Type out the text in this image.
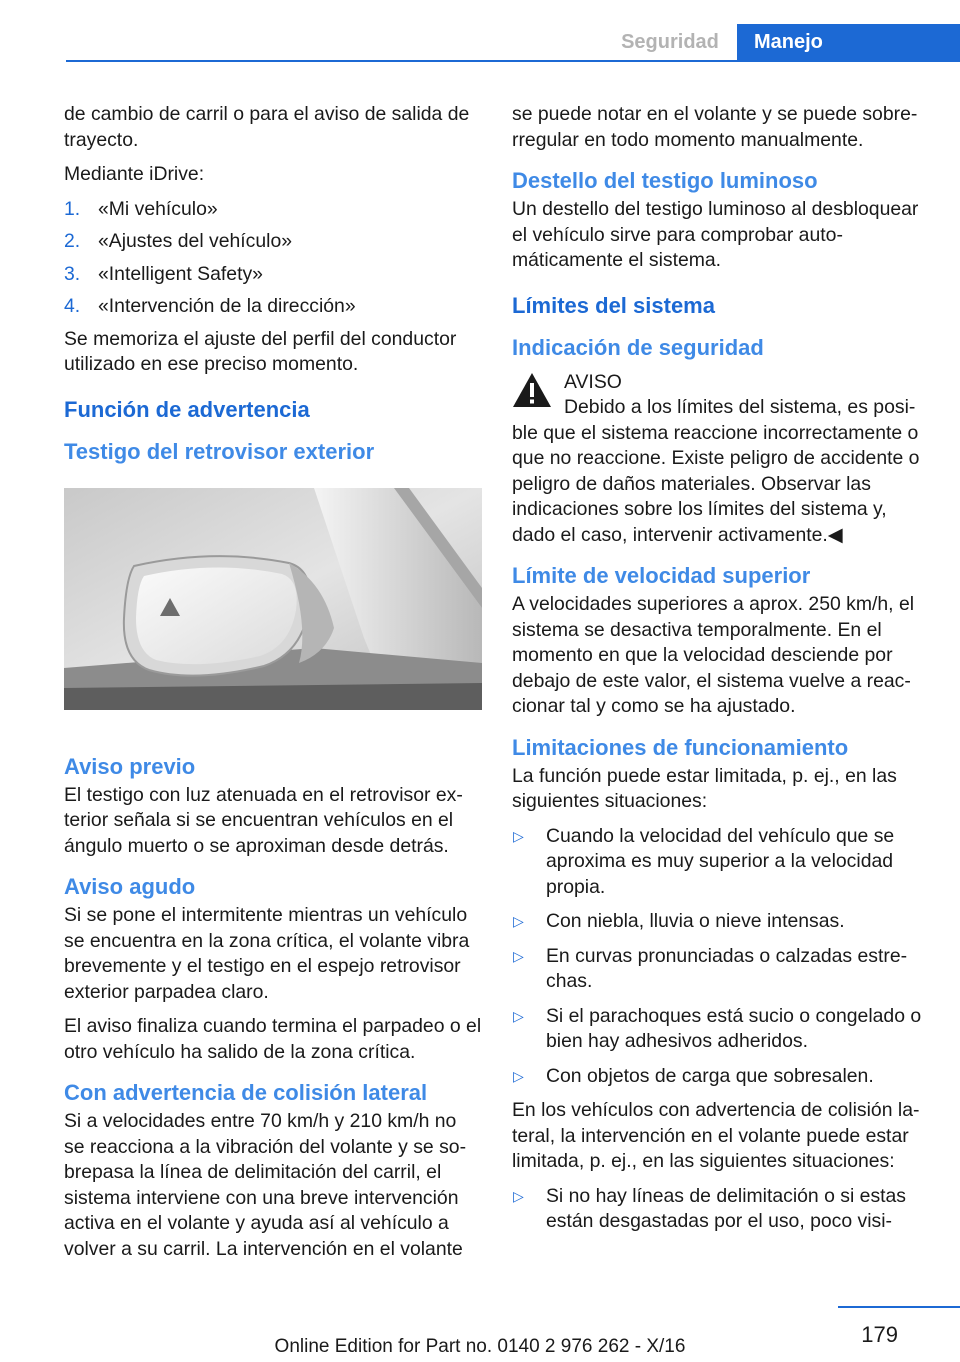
Seguridad	Manejo

de cambio de carril o para el aviso de salida de trayecto.

Mediante iDrive:

1. «Mi vehículo»
2. «Ajustes del vehículo»
3. «Intelligent Safety»
4. «Intervención de la dirección»

Se memoriza el ajuste del perfil del conductor utilizado en ese preciso momento.

Función de advertencia
Testigo del retrovisor exterior
Aviso previo

El testigo con luz atenuada en el retrovisor exterior señala si se encuentran vehículos en el ángulo muerto o se aproximan desde detrás.

Aviso agudo

Si se pone el intermitente mientras un vehículo se encuentra en la zona crítica, el volante vibra brevemente y el testigo en el espejo retrovisor exterior parpadea claro.

El aviso finaliza cuando termina el parpadeo o el otro vehículo ha salido de la zona crítica.

Con advertencia de colisión lateral

Si a velocidades entre 70 km/h y 210 km/h no se reacciona a la vibración del volante y se sobrepasa la línea de delimitación del carril, el sistema interviene con una breve intervención activa en el volante y ayuda así al vehículo a volver a su carril. La intervención en el volante

se puede notar en el volante y se puede sobrerregular en todo momento manualmente.

Destello del testigo luminoso

Un destello del testigo luminoso al desbloquear el vehículo sirve para comprobar automáticamente el sistema.

Límites del sistema
Indicación de seguridad

AVISO

Debido a los límites del sistema, es posi-

ble que el sistema reaccione incorrectamente o que no reaccione. Existe peligro de accidente o peligro de daños materiales. Observar las indicaciones sobre los límites del sistema y, dado el caso, intervenir activamente.◀

Límite de velocidad superior

A velocidades superiores a aprox. 250 km/h, el sistema se desactiva temporalmente. En el momento en que la velocidad desciende por debajo de este valor, el sistema vuelve a reaccionar tal y como se ha ajustado.

Limitaciones de funcionamiento

La función puede estar limitada, p. ej., en las siguientes situaciones:

▷	Cuando la velocidad del vehículo que se aproxima es muy superior a la velocidad propia.
▷	Con niebla, lluvia o nieve intensas.
▷	En curvas pronunciadas o calzadas estrechas.
▷	Si el parachoques está sucio o congelado o bien hay adhesivos adheridos.
▷	Con objetos de carga que sobresalen.

En los vehículos con advertencia de colisión lateral, la intervención en el volante puede estar limitada, p. ej., en las siguientes situaciones:

▷	Si no hay líneas de delimitación o si estas están desgastadas por el uso, poco visi-
179
Online Edition for Part no. 0140 2 976 262 - X/16
